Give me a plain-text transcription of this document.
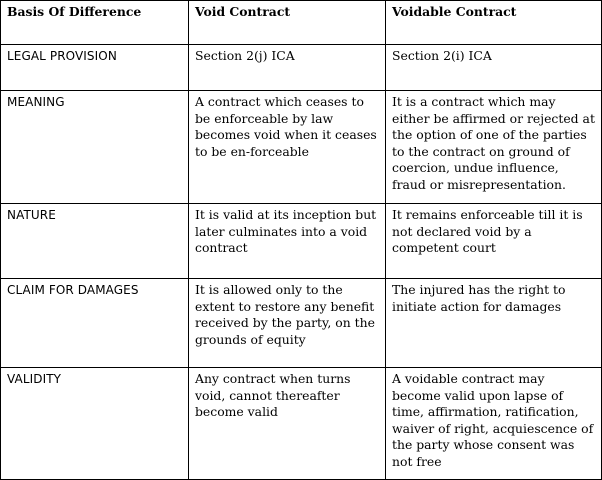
Basis Of Difference	Void Contract	Voidable Contract
LEGAL PROVISION	Section 2(j) ICA	Section 2(i) ICA
MEANING	A contract which ceases to be enforceable by law becomes void when it ceases to be en-forceable	It is a contract which may either be affirmed or rejected at the option of one of the parties to the contract on ground of coercion, undue influence, fraud or misrepresentation.
NATURE	It is valid at its inception but later culminates into a void contract	It remains enforceable till it is not declared void by a competent court
CLAIM FOR DAMAGES	It is allowed only to the extent to restore any benefit received by the party, on the grounds of equity	The injured has the right to initiate action for damages
VALIDITY	Any contract when turns void, cannot thereafter become valid	A voidable contract may become valid upon lapse of time, affirmation, ratification, waiver of right, acquiescence of the party whose consent was not free
